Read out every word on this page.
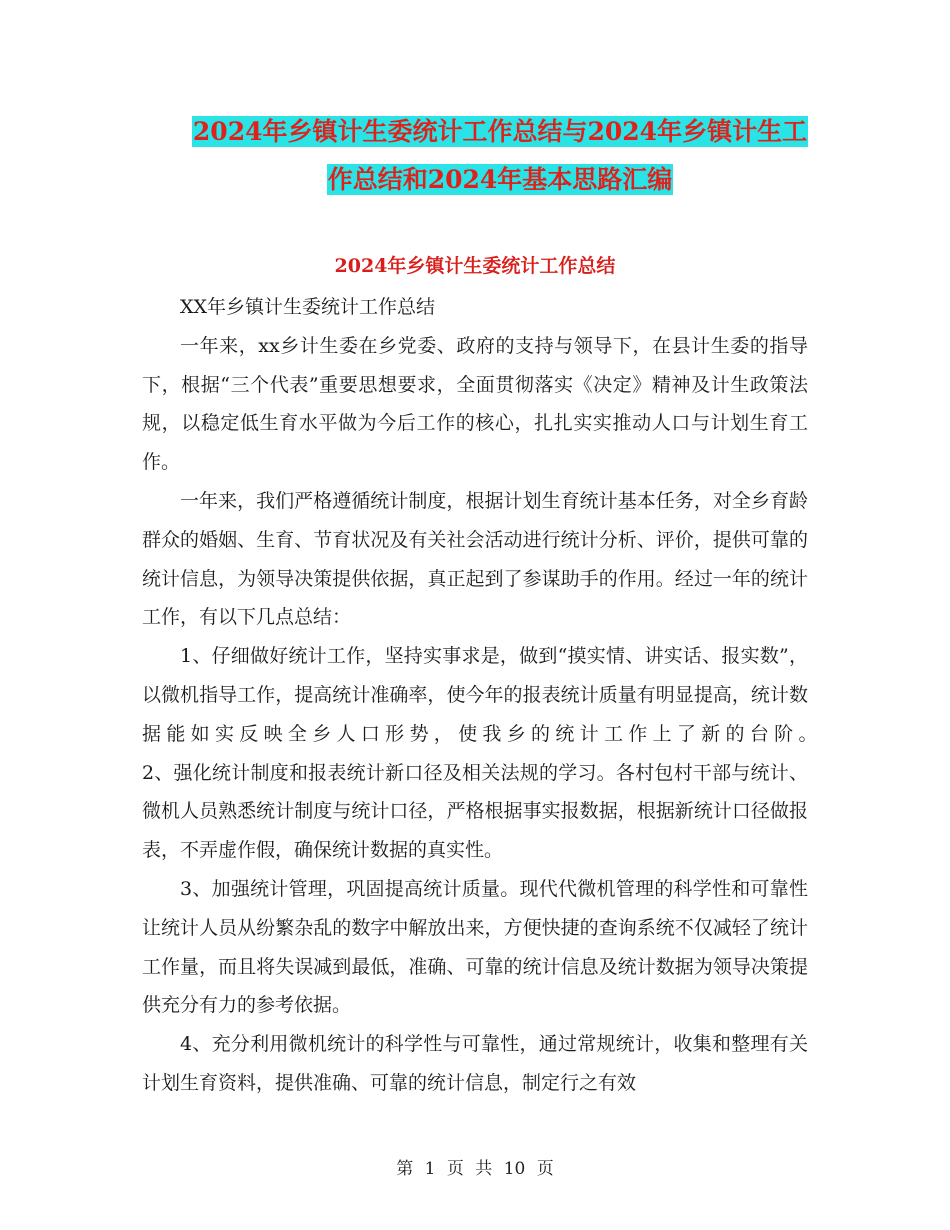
2024年乡镇计生委统计工作总结与2024年乡镇计生工
作总结和2024年基本思路汇编
2024年乡镇计生委统计工作总结

XX年乡镇计生委统计工作总结

一年来，xx乡计生委在乡党委、政府的支持与领导下，在县计生委的指导下，根据“三个代表”重要思想要求，全面贯彻落实《决定》精神及计生政策法规，以稳定低生育水平做为今后工作的核心，扎扎实实推动人口与计划生育工作。

一年来，我们严格遵循统计制度，根据计划生育统计基本任务，对全乡育龄群众的婚姻、生育、节育状况及有关社会活动进行统计分析、评价，提供可靠的统计信息，为领导决策提供依据，真正起到了参谋助手的作用。经过一年的统计工作，有以下几点总结：

1、仔细做好统计工作，坚持实事求是，做到“摸实情、讲实话、报实数”，以微机指导工作，提高统计准确率，使今年的报表统计质量有明显提高，统计数据能如实反映全乡人口形势，使我乡的统计工作上了新的台阶。　　　　　　　2、强化统计制度和报表统计新口径及相关法规的学习。各村包村干部与统计、微机人员熟悉统计制度与统计口径，严格根据事实报数据，根据新统计口径做报表，不弄虚作假，确保统计数据的真实性。

3、加强统计管理，巩固提高统计质量。现代代微机管理的科学性和可靠性让统计人员从纷繁杂乱的数字中解放出来，方便快捷的查询系统不仅减轻了统计工作量，而且将失误减到最低，准确、可靠的统计信息及统计数据为领导决策提供充分有力的参考依据。

4、充分利用微机统计的科学性与可靠性，通过常规统计，收集和整理有关计划生育资料，提供准确、可靠的统计信息，制定行之有效

第 1 页 共 10 页
